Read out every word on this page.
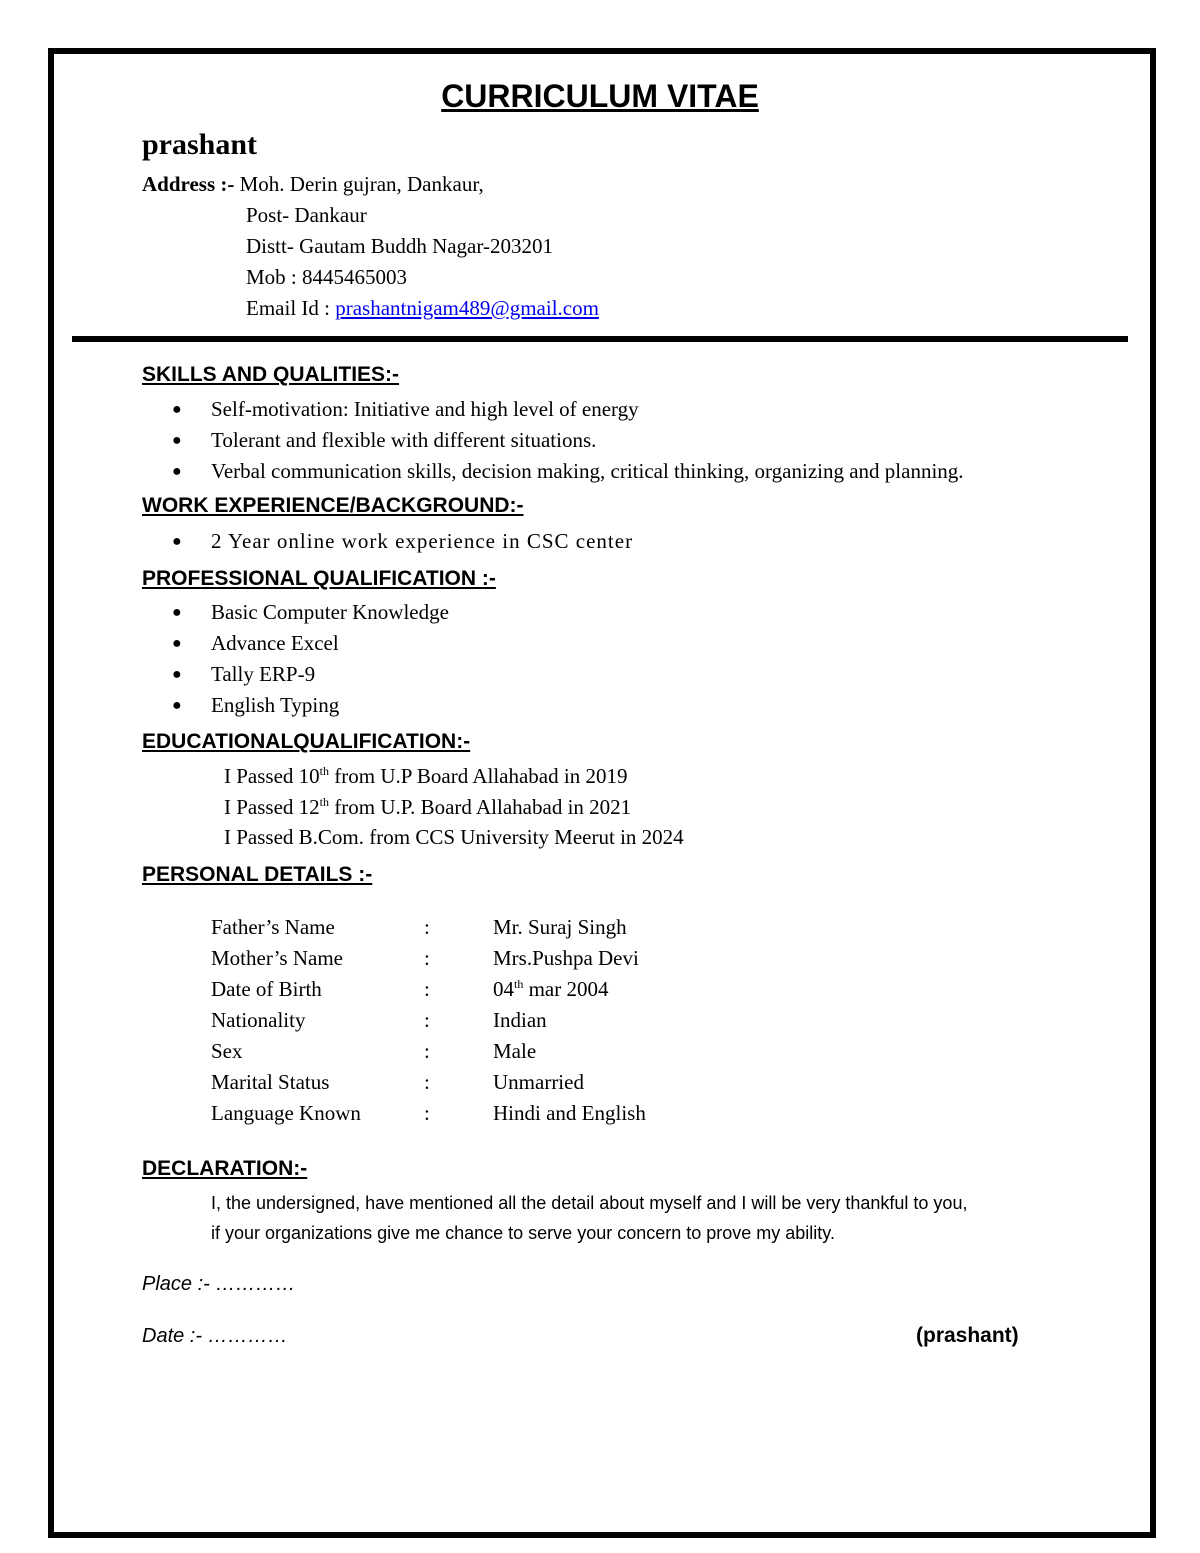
CURRICULUM VITAE
prashant
Address :- Moh. Derin gujran, Dankaur,
Post- Dankaur
Distt- Gautam Buddh Nagar-203201
Mob : 8445465003
Email Id : prashantnigam489@gmail.com
SKILLS AND QUALITIES:-
● Self-motivation: Initiative and high level of energy
● Tolerant and flexible with different situations.
● Verbal communication skills, decision making, critical thinking, organizing and planning.
WORK EXPERIENCE/BACKGROUND:-
● 2 Year online work experience in CSC center
PROFESSIONAL QUALIFICATION :-
● Basic Computer Knowledge
● Advance Excel
● Tally ERP-9
● English Typing
EDUCATIONALQUALIFICATION:-
I Passed 10th from U.P Board Allahabad in 2019
I Passed 12th from U.P. Board Allahabad in 2021
I Passed B.Com. from CCS University Meerut in 2024
PERSONAL DETAILS :-
Father’s Name	:	Mr. Suraj Singh
Mother’s Name	:	Mrs.Pushpa Devi
Date of Birth	:	04th mar 2004
Nationality	:	Indian
Sex	:	Male
Marital Status	:	Unmarried
Language Known	:	Hindi and English
DECLARATION:-
I, the undersigned, have mentioned all the detail about myself and I will be very thankful to you,
if your organizations give me chance to serve your concern to prove my ability.
Place :- …………
Date :- …………	(prashant)
